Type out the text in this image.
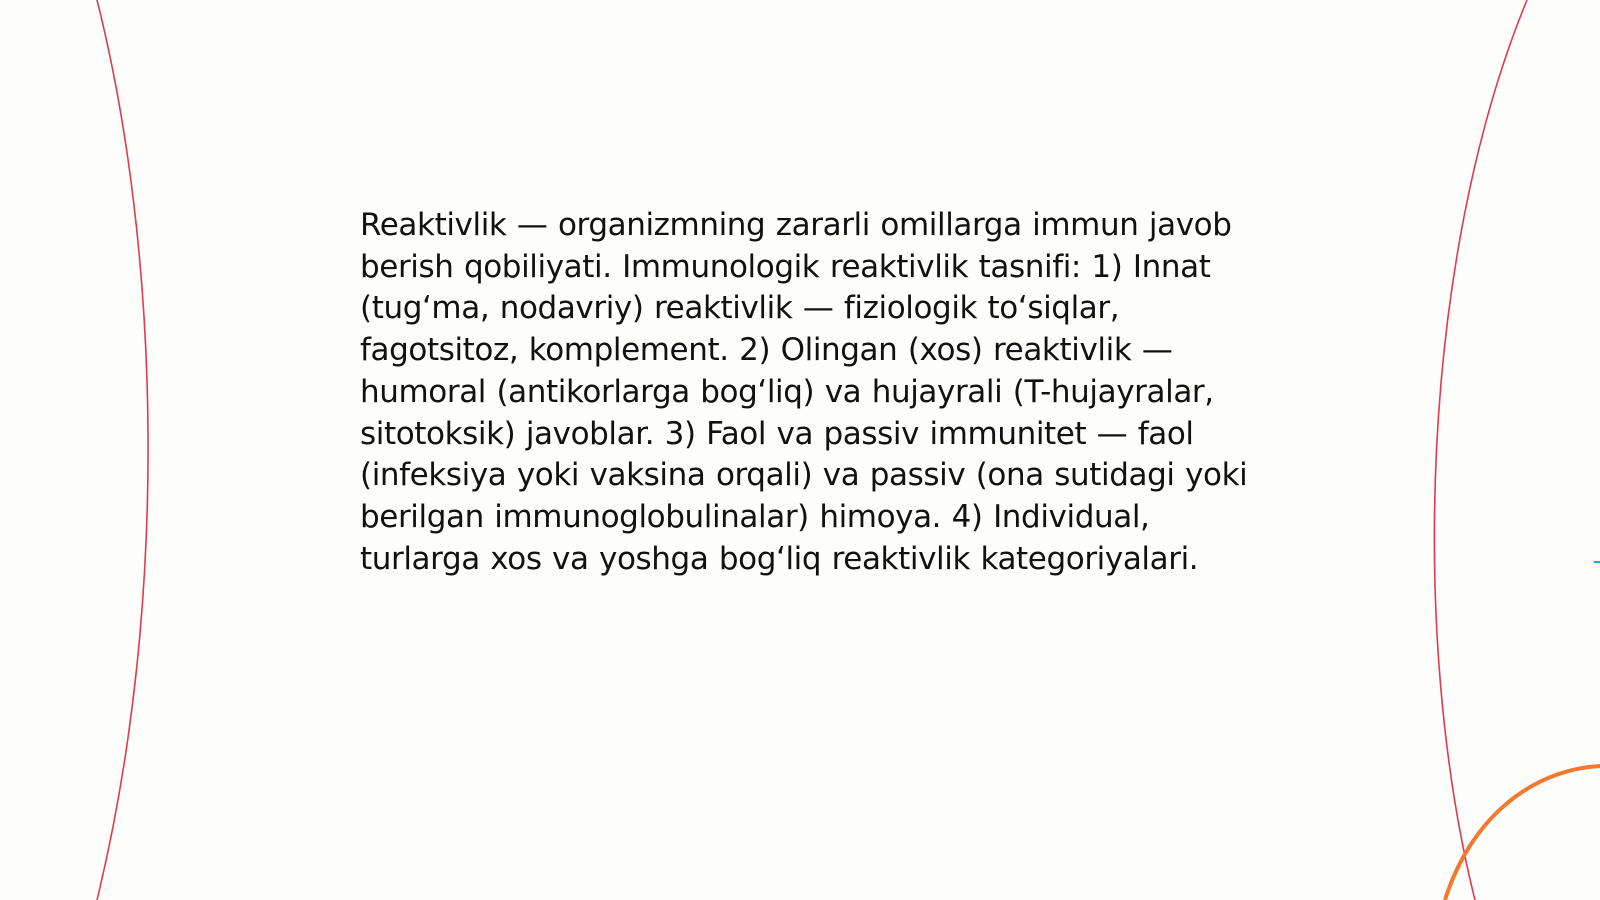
Reaktivlik — organizmning zararli omillarga immun javob berish qobiliyati. Immunologik reaktivlik tasnifi: 1) Innat (tug‘ma, nodavriy) reaktivlik — fiziologik to‘siqlar, fagotsitoz, komplement. 2) Olingan (xos) reaktivlik — humoral (antikorlarga bog‘liq) va hujayrali (T-hujayralar, sitotoksik) javoblar. 3) Faol va passiv immunitet — faol (infeksiya yoki vaksina orqali) va passiv (ona sutidagi yoki berilgan immunoglobulinalar) himoya. 4) Individual, turlarga xos va yoshga bog‘liq reaktivlik kategoriyalari.
